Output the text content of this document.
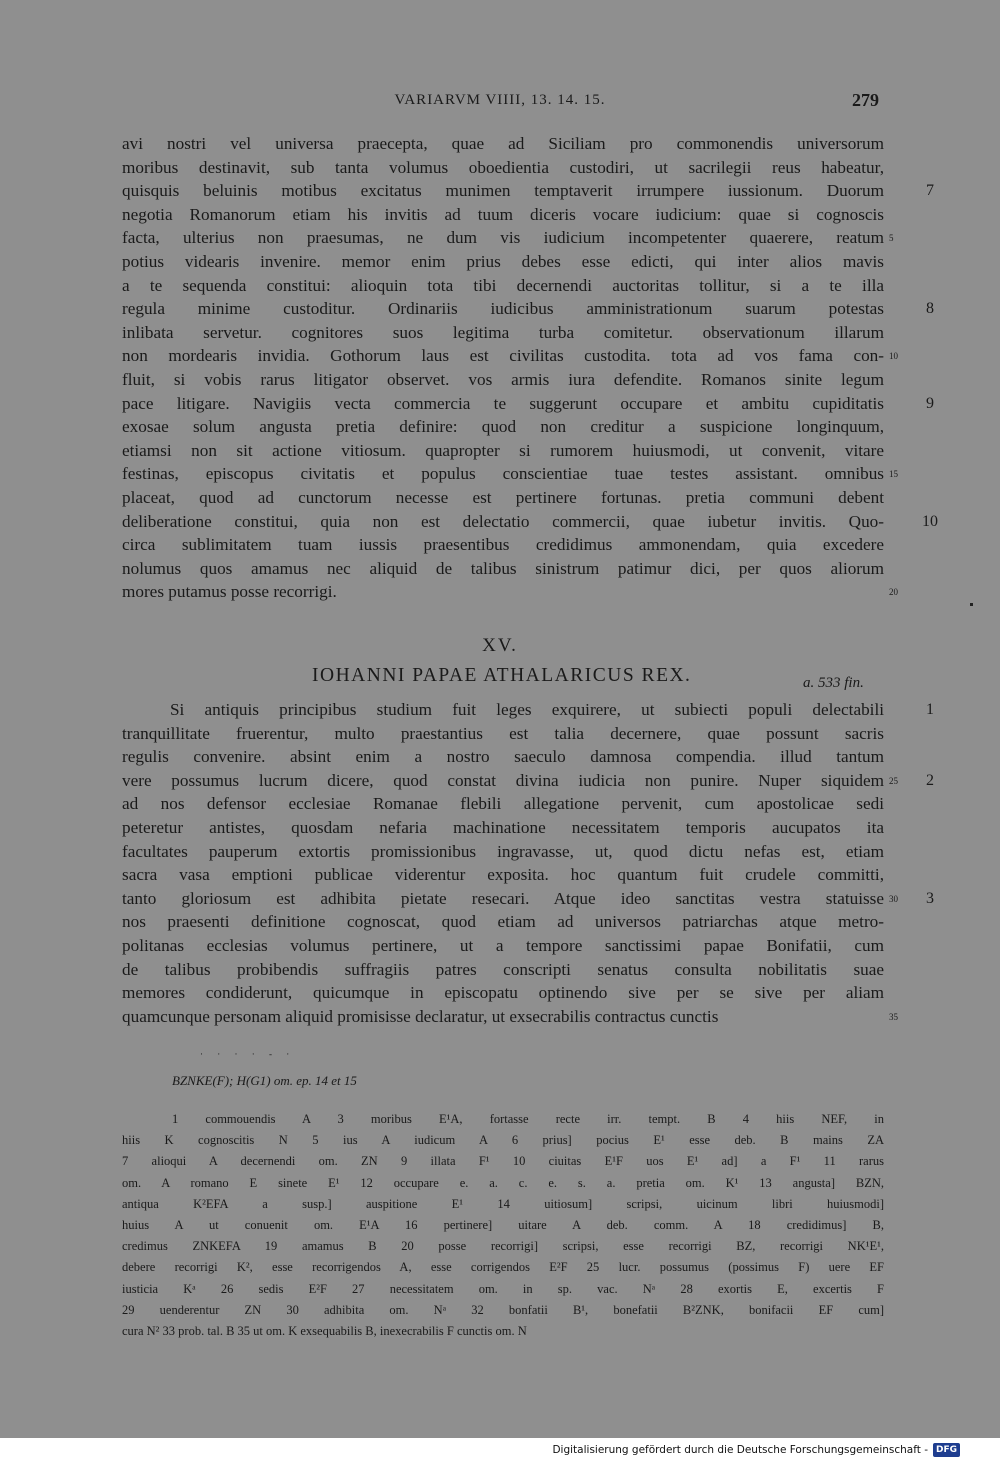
VARIARVM VIIII, 13. 14. 15.	279
avi nostri vel universa praecepta, quae ad Siciliam pro commonendis universorum
moribus destinavit, sub tanta volumus oboedientia custodiri, ut sacrilegii reus habeatur,
quisquis beluinis motibus excitatus munimen temptaverit irrumpere iussionum. Duorum
negotia Romanorum etiam his invitis ad tuum diceris vocare iudicium: quae si cognoscis
facta, ulterius non praesumas, ne dum vis iudicium incompetenter quaerere, reatum
potius videaris invenire. memor enim prius debes esse edicti, qui inter alios mavis
a te sequenda constitui: alioquin tota tibi decernendi auctoritas tollitur, si a te illa
regula minime custoditur. Ordinariis iudicibus amministrationum suarum potestas
inlibata servetur. cognitores suos legitima turba comitetur. observationum illarum
non mordearis invidia. Gothorum laus est civilitas custodita. tota ad vos fama con-
fluit, si vobis rarus litigator observet. vos armis iura defendite. Romanos sinite legum
pace litigare. Navigiis vecta commercia te suggerunt occupare et ambitu cupiditatis
exosae solum angusta pretia definire: quod non creditur a suspicione longinquum,
etiamsi non sit actione vitiosum. quapropter si rumorem huiusmodi, ut convenit, vitare
festinas, episcopus civitatis et populus conscientiae tuae testes assistant. omnibus
placeat, quod ad cunctorum necesse est pertinere fortunas. pretia communi debent
deliberatione constitui, quia non est delectatio commercii, quae iubetur invitis. Quo-
circa sublimitatem tuam iussis praesentibus credidimus ammonendam, quia excedere
nolumus quos amamus nec aliquid de talibus sinistrum patimur dici, per quos aliorum
mores putamus posse recorrigi.
5
10
15
20
7
8
9
10
XV.
IOHANNI PAPAE ATHALARICUS REX.	a. 533 fin.
Si antiquis principibus studium fuit leges exquirere, ut subiecti populi delectabili
tranquillitate fruerentur, multo praestantius est talia decernere, quae possunt sacris
regulis convenire. absint enim a nostro saeculo damnosa compendia. illud tantum
vere possumus lucrum dicere, quod constat divina iudicia non punire. Nuper siquidem
ad nos defensor ecclesiae Romanae flebili allegatione pervenit, cum apostolicae sedi
peteretur antistes, quosdam nefaria machinatione necessitatem temporis aucupatos ita
facultates pauperum extortis promissionibus ingravasse, ut, quod dictu nefas est, etiam
sacra vasa emptioni publicae viderentur exposita. hoc quantum fuit crudele committi,
tanto gloriosum est adhibita pietate resecari. Atque ideo sanctitas vestra statuisse
nos praesenti definitione cognoscat, quod etiam ad universos patriarchas atque metro-
politanas ecclesias volumus pertinere, ut a tempore sanctissimi papae Bonifatii, cum
de talibus probibendis suffragiis patres conscripti senatus consulta nobilitatis suae
memores condiderunt, quicumque in episcopatu optinendo sive per se sive per aliam
quamcunque personam aliquid promisisse declaratur, ut exsecrabilis contractus cunctis
25
30
35
1
2
3
· · · · - ·
BZNKE(F); H(G1) om. ep. 14 et 15
1 commouendis A 3 moribus E¹A, fortasse recte irr. tempt. B 4 hiis NEF, in
hiis K cognoscitis N 5 ius A iudicum A 6 prius] pocius E¹ esse deb. B mains ZA
7 alioqui A decernendi om. ZN 9 illata F¹ 10 ciuitas E¹F uos E¹ ad] a F¹ 11 rarus
om. A romano E sinete E¹ 12 occupare e. a. c. e. s. a. pretia om. K¹ 13 angusta] BZN,
antiqua K²EFA a susp.] auspitione E¹ 14 uitiosum] scripsi, uicinum libri huiusmodi]
huius A ut conuenit om. E¹A 16 pertinere] uitare A deb. comm. A 18 credidimus] B,
credimus ZNKEFA 19 amamus B 20 posse recorrigi] scripsi, esse recorrigi BZ, recorrigi NK¹E¹,
debere recorrigi K², esse recorrigendos A, esse corrigendos E²F 25 lucr. possumus (possimus F) uere EF
iusticia Kᵃ 26 sedis E²F 27 necessitatem om. in sp. vac. Nᵃ 28 exortis E, excertis F
29 uenderentur ZN 30 adhibita om. Nᵃ 32 bonfatii B¹, bonefatii B²ZNK, bonifacii EF cum]
cura N² 33 prob. tal. B 35 ut om. K exsequabilis B, inexecrabilis F cunctis om. N
Digitalisierung gefördert durch die Deutsche Forschungsgemeinschaft - DFG
